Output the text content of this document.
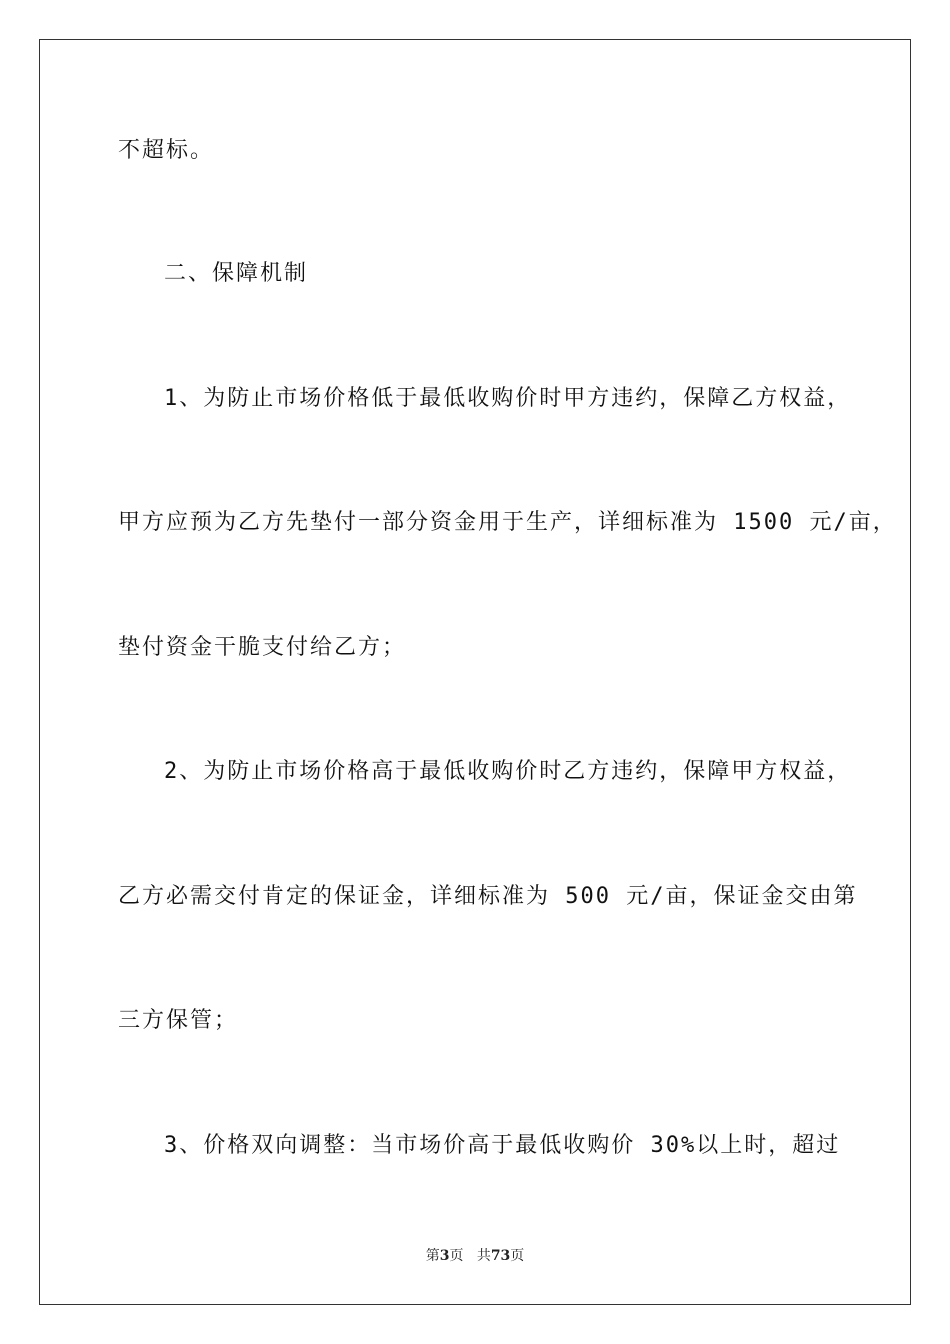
不超标。
二、保障机制
1、为防止市场价格低于最低收购价时甲方违约，保障乙方权益，
甲方应预为乙方先垫付一部分资金用于生产，详细标准为 1500 元/亩，
垫付资金干脆支付给乙方；
2、为防止市场价格高于最低收购价时乙方违约，保障甲方权益，
乙方必需交付肯定的保证金，详细标准为 500 元/亩，保证金交由第
三方保管；
3、价格双向调整：当市场价高于最低收购价 30%以上时，超过
第3页 共73页
